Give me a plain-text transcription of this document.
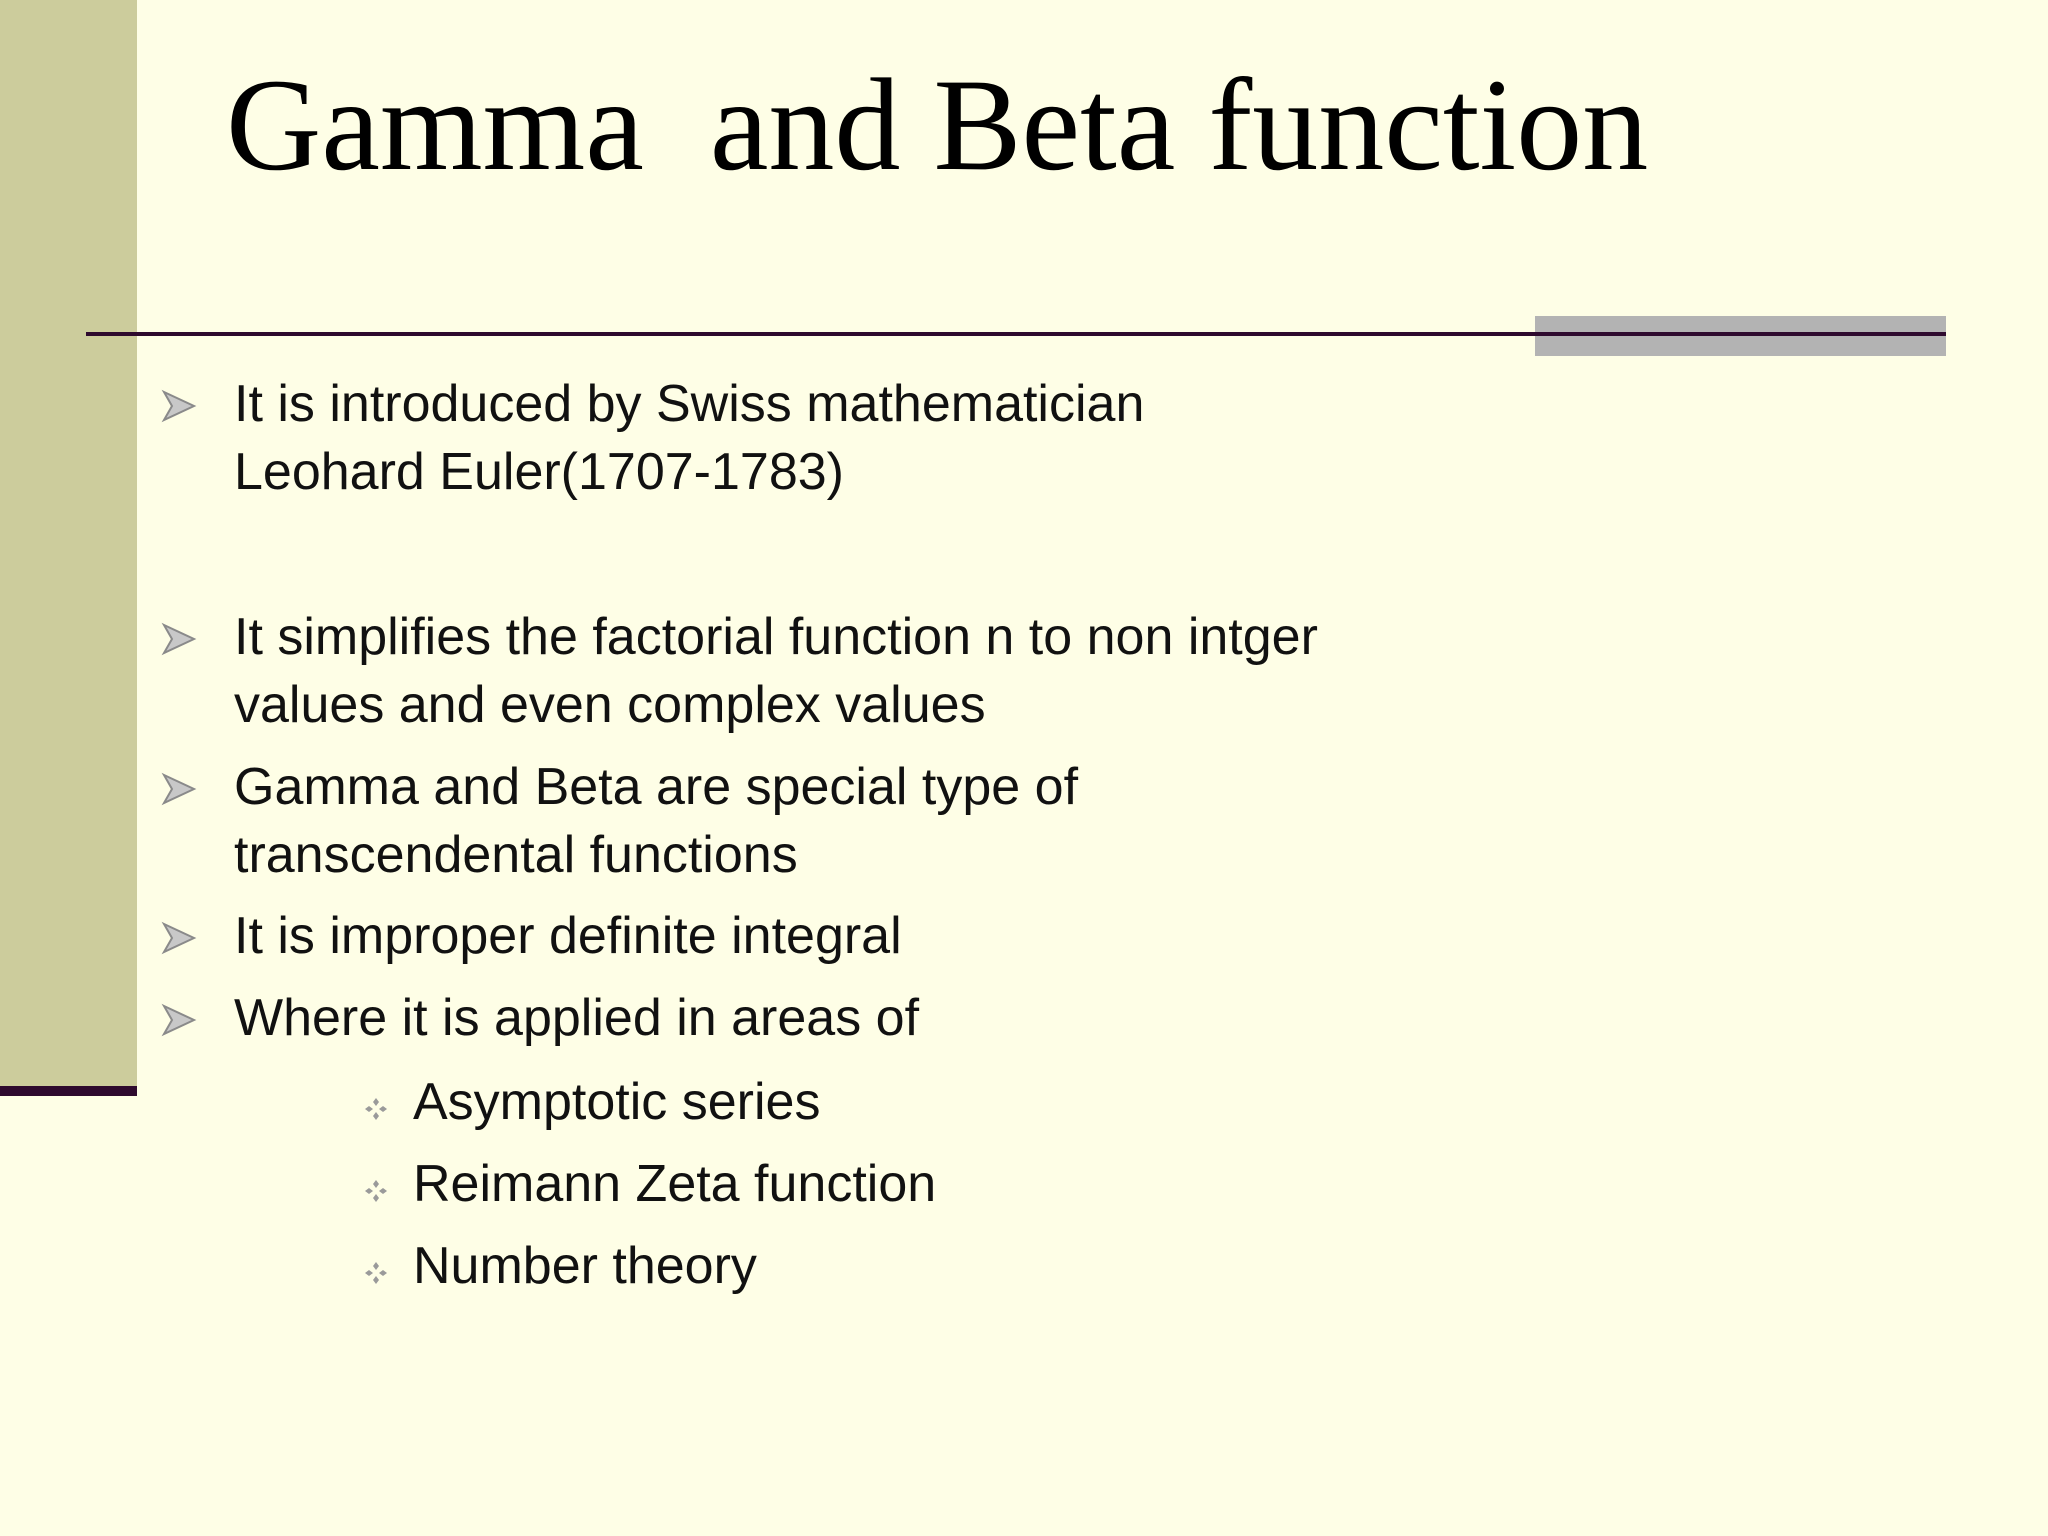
Gamma  and Beta function
It is introduced by Swiss mathematician
Leohard Euler(1707-1783)
It simplifies the factorial function n to non intger
values and even complex values
Gamma and Beta are special type of
transcendental functions
It is improper definite integral
Where it is applied in areas of
Asymptotic series
Reimann Zeta function
Number theory
